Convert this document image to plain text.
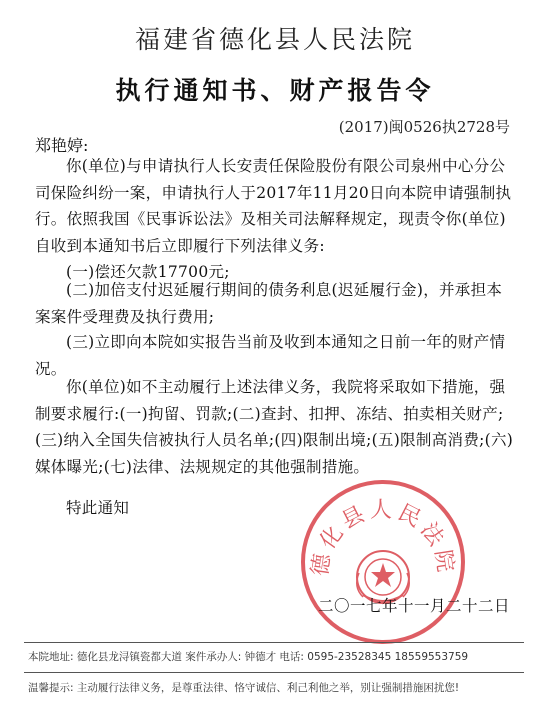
福建省德化县人民法院
执行通知书、财产报告令
(2017)闽0526执2728号
郑艳婷:
你(单位)与申请执行人长安责任保险股份有限公司泉州中心分公司保险纠纷一案，申请执行人于2017年11月20日向本院申请强制执行。依照我国《民事诉讼法》及相关司法解释规定，现责令你(单位)自收到本通知书后立即履行下列法律义务:
(一)偿还欠款17700元;
(二)加倍支付迟延履行期间的债务利息(迟延履行金)，并承担本案案件受理费及执行费用;
(三)立即向本院如实报告当前及收到本通知之日前一年的财产情况。
你(单位)如不主动履行上述法律义务，我院将采取如下措施，强制要求履行:(一)拘留、罚款;(二)查封、扣押、冻结、拍卖相关财产;(三)纳入全国失信被执行人员名单;(四)限制出境;(五)限制高消费;(六)媒体曝光;(七)法律、法规规定的其他强制措施。
特此通知
德化县人民法院
二〇一七年十一月二十二日
本院地址: 德化县龙浔镇瓷都大道 案件承办人: 钟德才 电话: 0595-23528345 18559553759
温馨提示: 主动履行法律义务，是尊重法律、恪守诚信、利己利他之举，别让强制措施困扰您!
